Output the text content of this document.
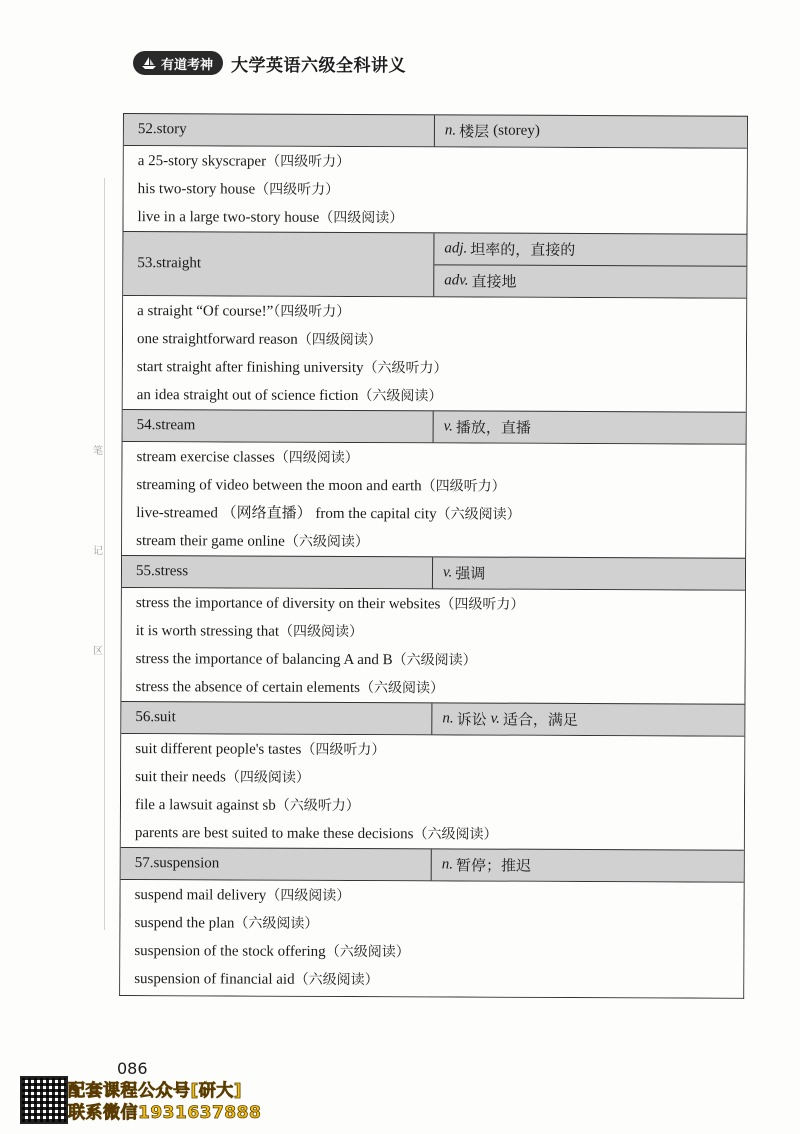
有道考神 大学英语六级全科讲义
笔
记
区
52.story	n. 楼层 (storey)
a 25-story skyscraper（四级听力）
his two-story house（四级听力）
live in a large two-story house（四级阅读）
53.straight
adj. 坦率的，直接的
adv. 直接地
a straight “Of course!”（四级听力）
one straightforward reason（四级阅读）
start straight after finishing university（六级听力）
an idea straight out of science fiction（六级阅读）
54.stream	v. 播放，直播
stream exercise classes（四级阅读）
streaming of video between the moon and earth（四级听力）
live-streamed （网络直播） from the capital city（六级阅读）
stream their game online（六级阅读）
55.stress	v. 强调
stress the importance of diversity on their websites（四级听力）
it is worth stressing that（四级阅读）
stress the importance of balancing A and B（六级阅读）
stress the absence of certain elements（六级阅读）
56.suit	n. 诉讼 v. 适合，满足
suit different people's tastes（四级听力）
suit their needs（四级阅读）
file a lawsuit against sb（六级听力）
parents are best suited to make these decisions（六级阅读）
57.suspension	n. 暂停；推迟
suspend mail delivery（四级阅读）
suspend the plan（六级阅读）
suspension of the stock offering（六级阅读）
suspension of financial aid（六级阅读）
086
配套课程公众号[研大]
联系微信1931637888
